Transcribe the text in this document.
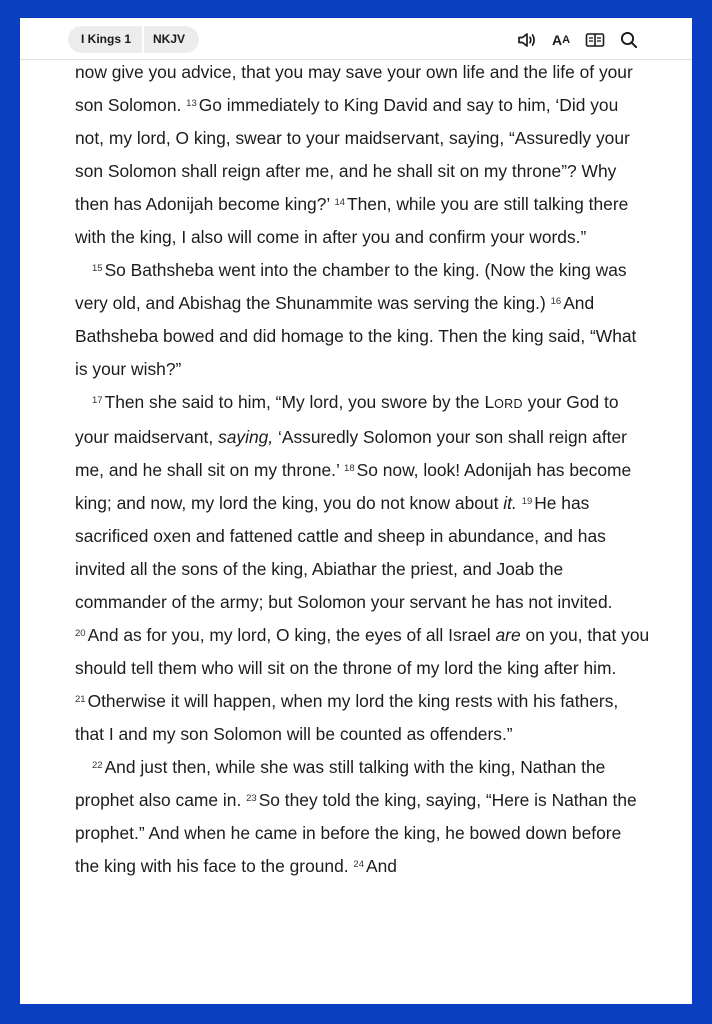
I Kings 1	NKJV	A A

now give you advice, that you may save your own life and the life of your son Solomon. $^{13}$ Go immediately to King David and say to him, ‘Did you not, my lord, O king, swear to your maidservant, saying, “Assuredly your son Solomon shall reign after me, and he shall sit on my throne”? Why then has Adonijah become king?’ $^{14}$ Then, while you are still talking there with the king, I also will come in after you and confirm your words.”

$^{15}$ So Bathsheba went into the chamber to the king. (Now the king was very old, and Abishag the Shunammite was serving the king.) $^{16}$ And Bathsheba bowed and did homage to the king. Then the king said, “What is your wish?”

$^{17}$ Then she said to him, “My lord, you swore by the LORD your God to your maidservant, saying, ‘Assuredly Solomon your son shall reign after me, and he shall sit on my throne.’ $^{18}$ So now, look! Adonijah has become king; and now, my lord the king, you do not know about it. $^{19}$ He has sacrificed oxen and fattened cattle and sheep in abundance, and has invited all the sons of the king, Abiathar the priest, and Joab the commander of the army; but Solomon your servant he has not invited. $^{20}$ And as for you, my lord, O king, the eyes of all Israel are on you, that you should tell them who will sit on the throne of my lord the king after him. $^{21}$ Otherwise it will happen, when my lord the king rests with his fathers, that I and my son Solomon will be counted as offenders.”

$^{22}$ And just then, while she was still talking with the king, Nathan the prophet also came in. $^{23}$ So they told the king, saying, “Here is Nathan the prophet.” And when he came in before the king, he bowed down before the king with his face to the ground. $^{24}$ And
